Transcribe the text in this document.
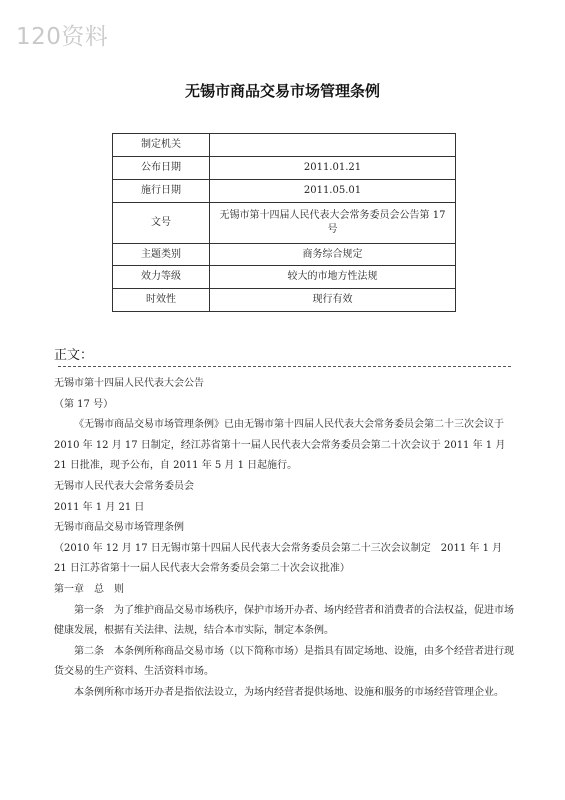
120资料
无锡市商品交易市场管理条例
制定机关	
公布日期	2011.01.21
施行日期	2011.05.01
文号	无锡市第十四届人民代表大会常务委员会公告第 17 号
主题类别	商务综合规定
效力等级	较大的市地方性法规
时效性	现行有效
正文：

无锡市第十四届人民代表大会公告

（第 17 号）

《无锡市商品交易市场管理条例》已由无锡市第十四届人民代表大会常务委员会第二十三次会议于 2010 年 12 月 17 日制定，经江苏省第十一届人民代表大会常务委员会第二十次会议于 2011 年 1 月 21 日批准，现予公布，自 2011 年 5 月 1 日起施行。

无锡市人民代表大会常务委员会

2011 年 1 月 21 日

无锡市商品交易市场管理条例

（2010 年 12 月 17 日无锡市第十四届人民代表大会常务委员会第二十三次会议制定　2011 年 1 月 21 日江苏省第十一届人民代表大会常务委员会第二十次会议批准）

第一章　总　则

第一条　为了维护商品交易市场秩序，保护市场开办者、场内经营者和消费者的合法权益，促进市场健康发展，根据有关法律、法规，结合本市实际，制定本条例。

第二条　本条例所称商品交易市场（以下简称市场）是指具有固定场地、设施，由多个经营者进行现货交易的生产资料、生活资料市场。

本条例所称市场开办者是指依法设立，为场内经营者提供场地、设施和服务的市场经营管理企业。
